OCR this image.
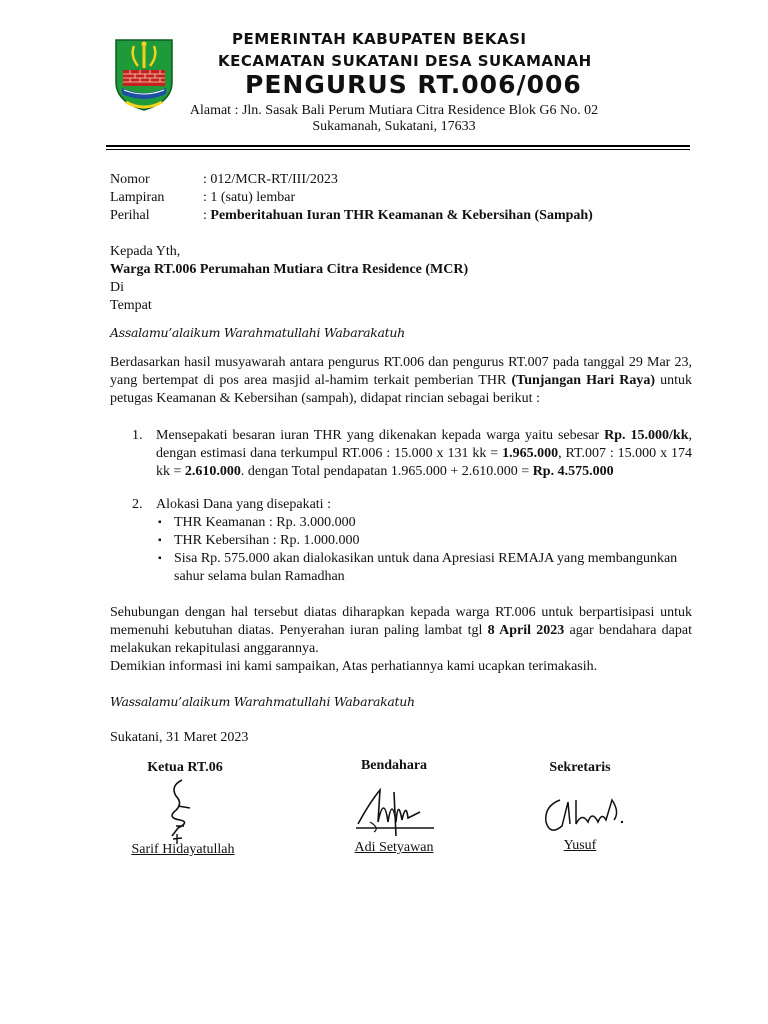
PEMERINTAH KABUPATEN BEKASI
KECAMATAN SUKATANI DESA SUKAMANAH
PENGURUS RT.006/006
Alamat : Jln. Sasak Bali Perum Mutiara Citra Residence Blok G6 No. 02
Sukamanah, Sukatani, 17633
Nomor	: 012/MCR-RT/III/2023
Lampiran	: 1 (satu) lembar
Perihal	: Pemberitahuan Iuran THR Keamanan & Kebersihan (Sampah)
Kepada Yth,
Warga RT.006 Perumahan Mutiara Citra Residence (MCR)
Di
Tempat
Assalamu’alaikum Warahmatullahi Wabarakatuh
Berdasarkan hasil musyawarah antara pengurus RT.006 dan pengurus RT.007 pada tanggal 29 Mar 23, yang bertempat di pos area masjid al-hamim terkait pemberian THR (Tunjangan Hari Raya) untuk petugas Keamanan & Kebersihan (sampah), didapat rincian sebagai berikut :
1. Mensepakati besaran iuran THR yang dikenakan kepada warga yaitu sebesar Rp. 15.000/kk, dengan estimasi dana terkumpul RT.006 : 15.000 x 131 kk = 1.965.000, RT.007 : 15.000 x 174 kk = 2.610.000. dengan Total pendapatan 1.965.000 + 2.610.000 = Rp. 4.575.000
2. Alokasi Dana yang disepakati :
▪ THR Keamanan : Rp. 3.000.000
▪ THR Kebersihan : Rp. 1.000.000
▪ Sisa Rp. 575.000 akan dialokasikan untuk dana Apresiasi REMAJA yang membangunkan sahur selama bulan Ramadhan
Sehubungan dengan hal tersebut diatas diharapkan kepada warga RT.006 untuk berpartisipasi untuk memenuhi kebutuhan diatas. Penyerahan iuran paling lambat tgl 8 April 2023 agar bendahara dapat melakukan rekapitulasi anggarannya.
Demikian informasi ini kami sampaikan, Atas perhatiannya kami ucapkan terimakasih.
Wassalamu’alaikum Warahmatullahi Wabarakatuh
Sukatani, 31 Maret 2023
Ketua RT.06	Bendahara	Sekretaris
Sarif Hidayatullah	Adi Setyawan	Yusuf
